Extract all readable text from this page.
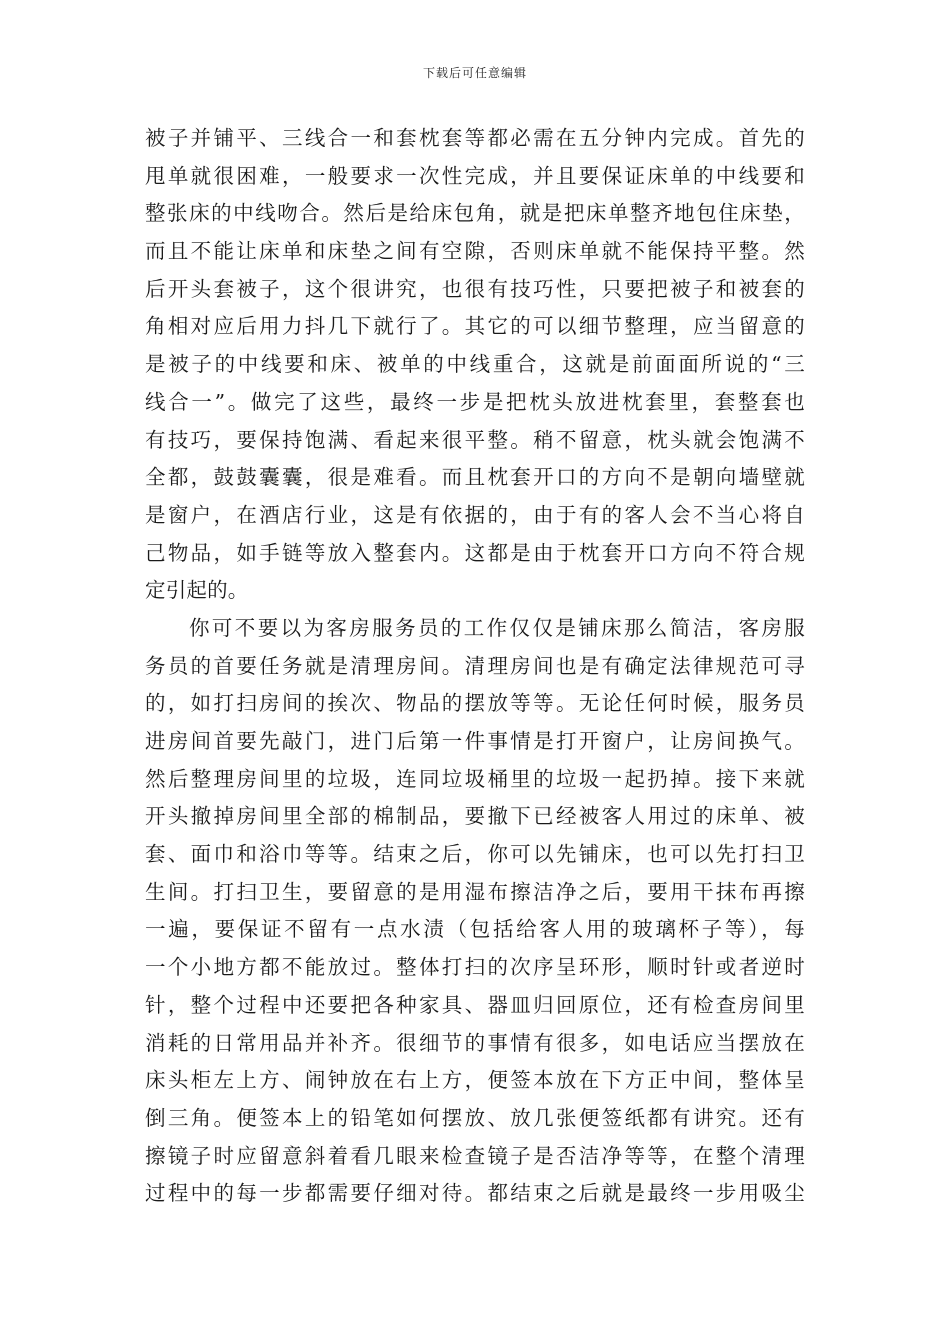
下载后可任意编辑
被子并铺平、三线合一和套枕套等都必需在五分钟内完成。首先的
甩单就很困难，一般要求一次性完成，并且要保证床单的中线要和
整张床的中线吻合。然后是给床包角，就是把床单整齐地包住床垫，
而且不能让床单和床垫之间有空隙，否则床单就不能保持平整。然
后开头套被子，这个很讲究，也很有技巧性，只要把被子和被套的
角相对应后用力抖几下就行了。其它的可以细节整理，应当留意的
是被子的中线要和床、被单的中线重合，这就是前面面所说的“三
线合一”。做完了这些，最终一步是把枕头放进枕套里，套整套也
有技巧，要保持饱满、看起来很平整。稍不留意，枕头就会饱满不
全都，鼓鼓囊囊，很是难看。而且枕套开口的方向不是朝向墙壁就
是窗户，在酒店行业，这是有依据的，由于有的客人会不当心将自
己物品，如手链等放入整套内。这都是由于枕套开口方向不符合规
定引起的。
你可不要以为客房服务员的工作仅仅是铺床那么简洁，客房服
务员的首要任务就是清理房间。清理房间也是有确定法律规范可寻
的，如打扫房间的挨次、物品的摆放等等。无论任何时候，服务员
进房间首要先敲门，进门后第一件事情是打开窗户，让房间换气。
然后整理房间里的垃圾，连同垃圾桶里的垃圾一起扔掉。接下来就
开头撤掉房间里全部的棉制品，要撤下已经被客人用过的床单、被
套、面巾和浴巾等等。结束之后，你可以先铺床，也可以先打扫卫
生间。打扫卫生，要留意的是用湿布擦洁净之后，要用干抹布再擦
一遍，要保证不留有一点水渍（包括给客人用的玻璃杯子等），每
一个小地方都不能放过。整体打扫的次序呈环形，顺时针或者逆时
针，整个过程中还要把各种家具、器皿归回原位，还有检查房间里
消耗的日常用品并补齐。很细节的事情有很多，如电话应当摆放在
床头柜左上方、闹钟放在右上方，便签本放在下方正中间，整体呈
倒三角。便签本上的铅笔如何摆放、放几张便签纸都有讲究。还有
擦镜子时应留意斜着看几眼来检查镜子是否洁净等等，在整个清理
过程中的每一步都需要仔细对待。都结束之后就是最终一步用吸尘
